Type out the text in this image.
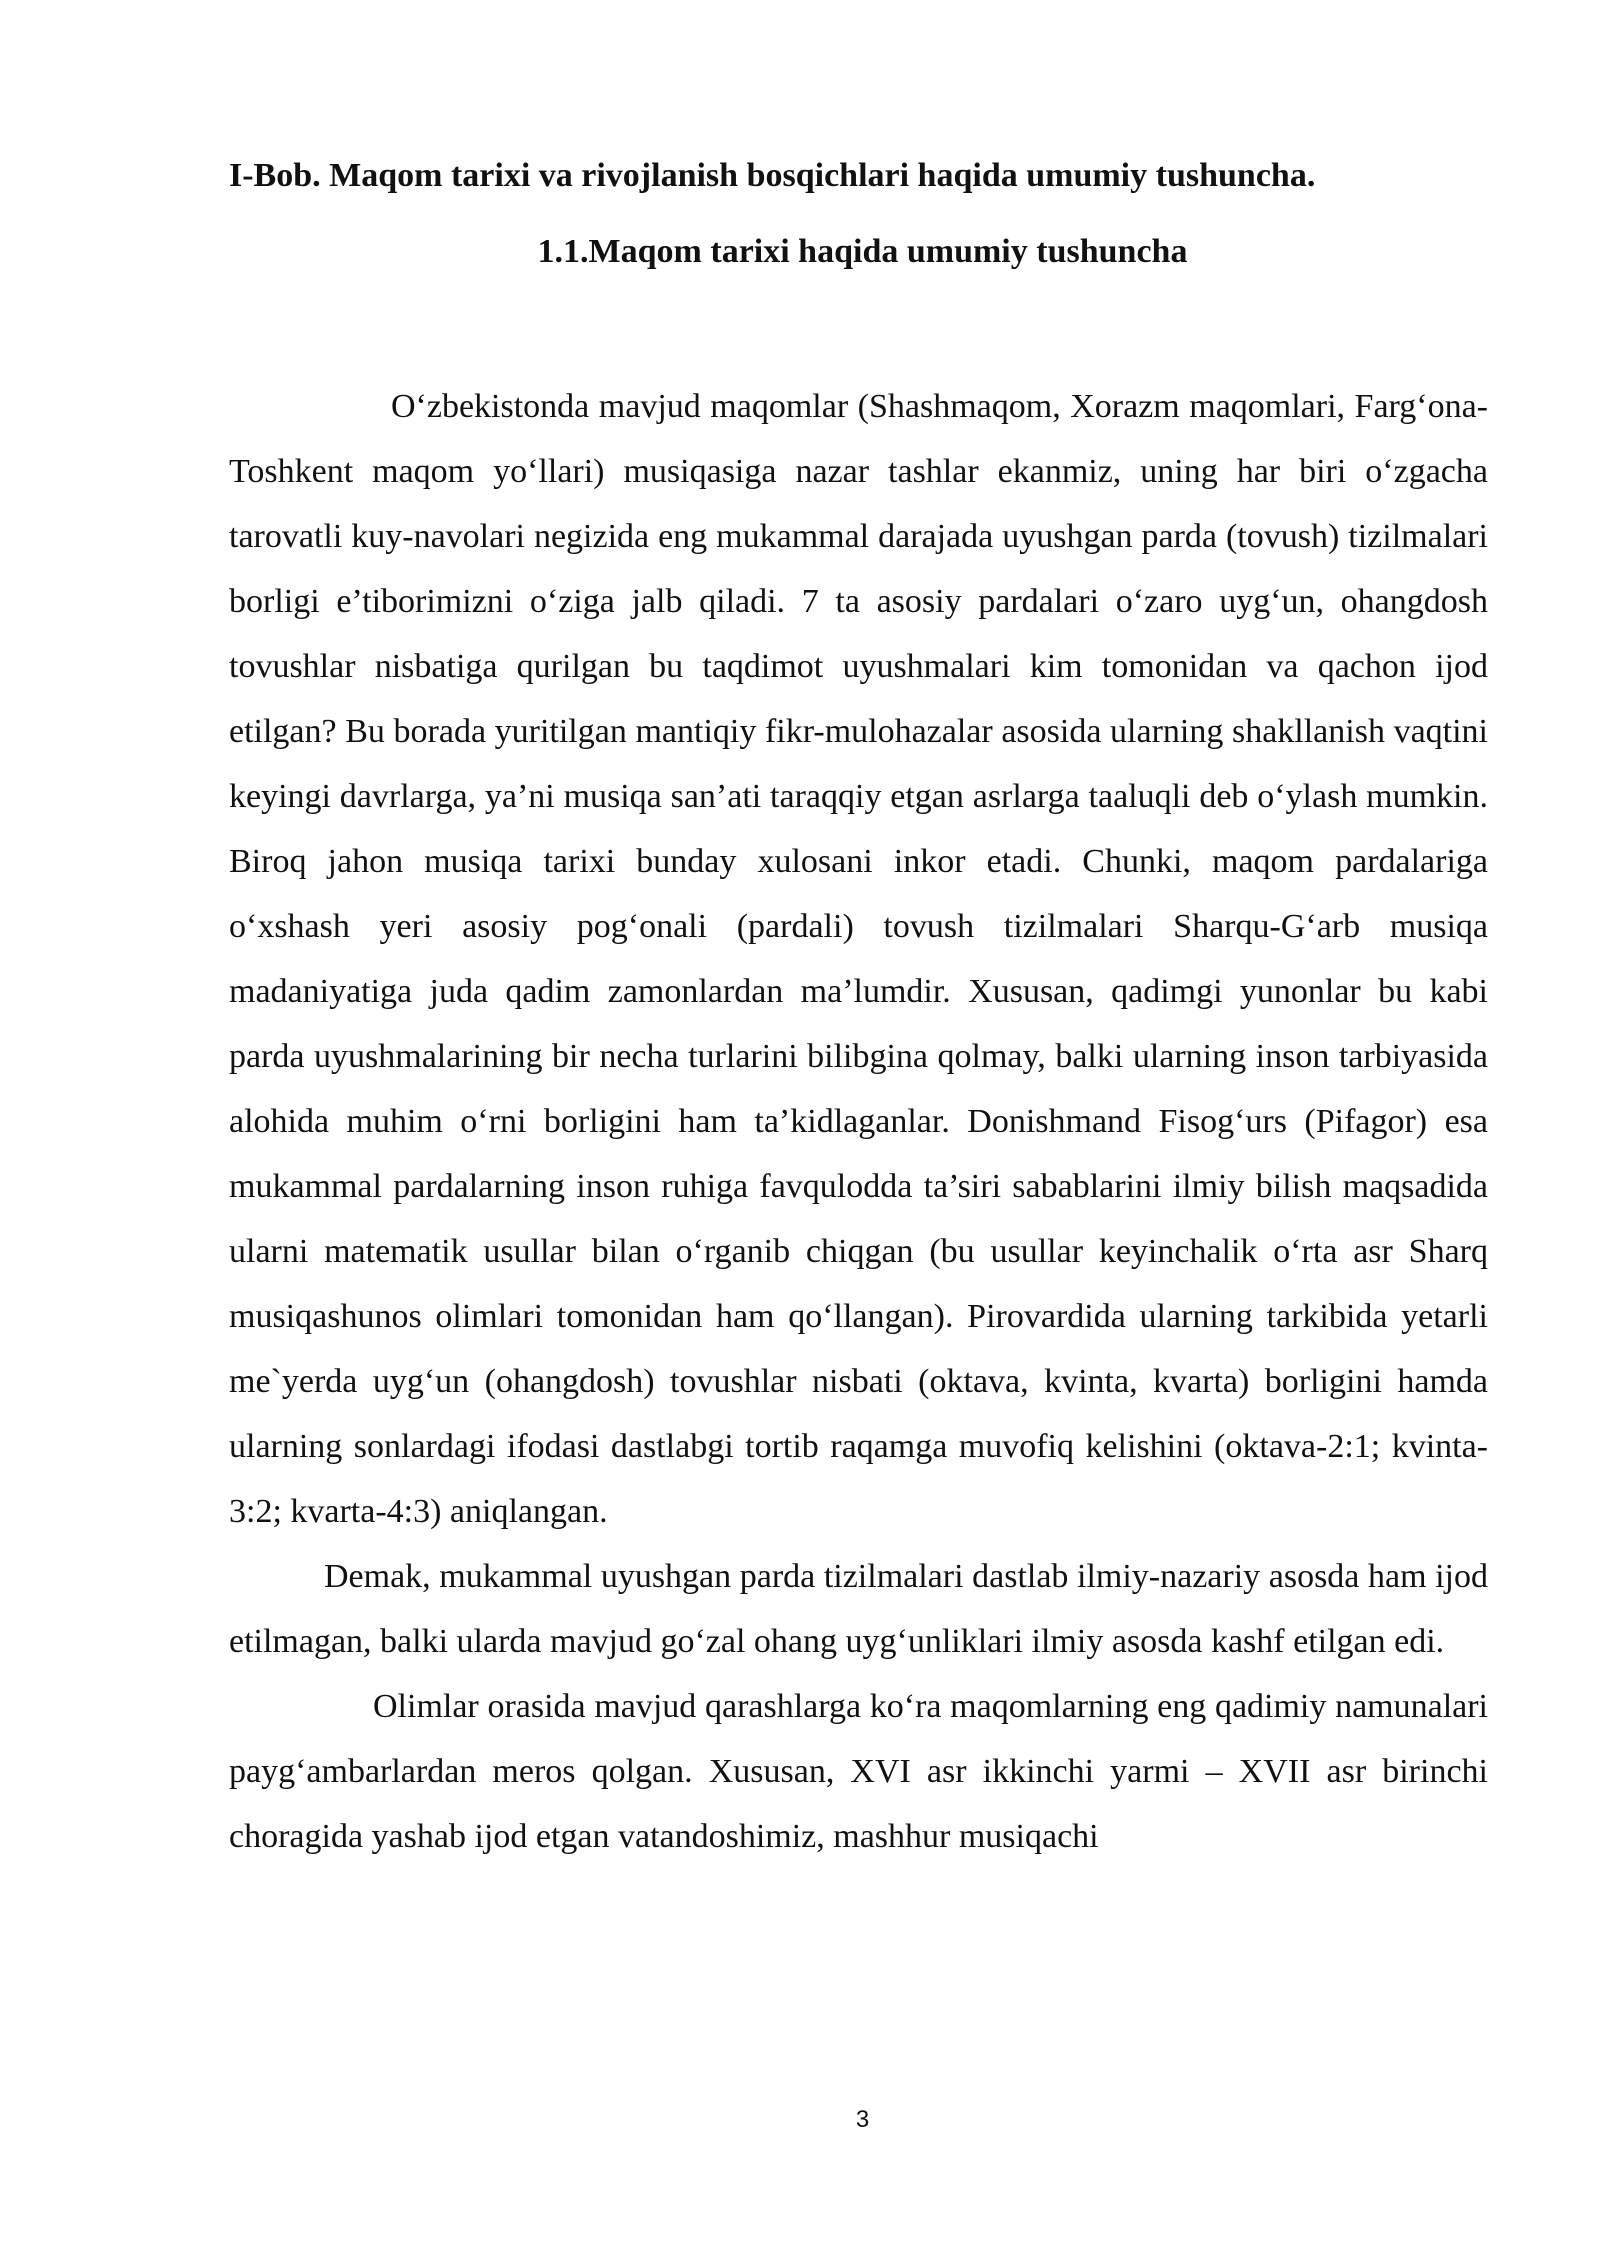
I-Bob. Maqom tarixi va rivojlanish bosqichlari haqida umumiy tushuncha.
1.1.Maqom tarixi haqida umumiy tushuncha

O‘zbekistonda mavjud maqomlar (Shashmaqom, Xorazm maqomlari, Farg‘ona-Toshkent maqom yo‘llari) musiqasiga nazar tashlar ekanmiz, uning har biri o‘zgacha tarovatli kuy-navolari negizida eng mukammal darajada uyushgan parda (tovush) tizilmalari borligi e’tiborimizni o‘ziga jalb qiladi. 7 ta asosiy pardalari o‘zaro uyg‘un, ohangdosh tovushlar nisbatiga qurilgan bu taqdimot uyushmalari kim tomonidan va qachon ijod etilgan? Bu borada yuritilgan mantiqiy fikr-mulohazalar asosida ularning shakllanish vaqtini keyingi davrlarga, ya’ni musiqa san’ati taraqqiy etgan asrlarga taaluqli deb o‘ylash mumkin. Biroq jahon musiqa tarixi bunday xulosani inkor etadi. Chunki, maqom pardalariga o‘xshash yeri asosiy pog‘onali (pardali) tovush tizilmalari Sharqu-G‘arb musiqa madaniyatiga juda qadim zamonlardan ma’lumdir. Xususan, qadimgi yunonlar bu kabi parda uyushmalarining bir necha turlarini bilibgina qolmay, balki ularning inson tarbiyasida alohida muhim o‘rni borligini ham ta’kidlaganlar. Donishmand Fisog‘urs (Pifagor) esa mukammal pardalarning inson ruhiga favqulodda ta’siri sabablarini ilmiy bilish maqsadida ularni matematik usullar bilan o‘rganib chiqgan (bu usullar keyinchalik o‘rta asr Sharq musiqashunos olimlari tomonidan ham qo‘llangan). Pirovardida ularning tarkibida yetarli me`yerda uyg‘un (ohangdosh) tovushlar nisbati (oktava, kvinta, kvarta) borligini hamda ularning sonlardagi ifodasi dastlabgi tortib raqamga muvofiq kelishini (oktava-2:1; kvinta-3:2; kvarta-4:3) aniqlangan.

Demak, mukammal uyushgan parda tizilmalari dastlab ilmiy-nazariy asosda ham ijod etilmagan, balki ularda mavjud go‘zal ohang uyg‘unliklari ilmiy asosda kashf etilgan edi.

Olimlar orasida mavjud qarashlarga ko‘ra maqomlarning eng qadimiy namunalari payg‘ambarlardan meros qolgan. Xususan, XVI asr ikkinchi yarmi – XVII asr birinchi choragida yashab ijod etgan vatandoshimiz, mashhur musiqachi

3
